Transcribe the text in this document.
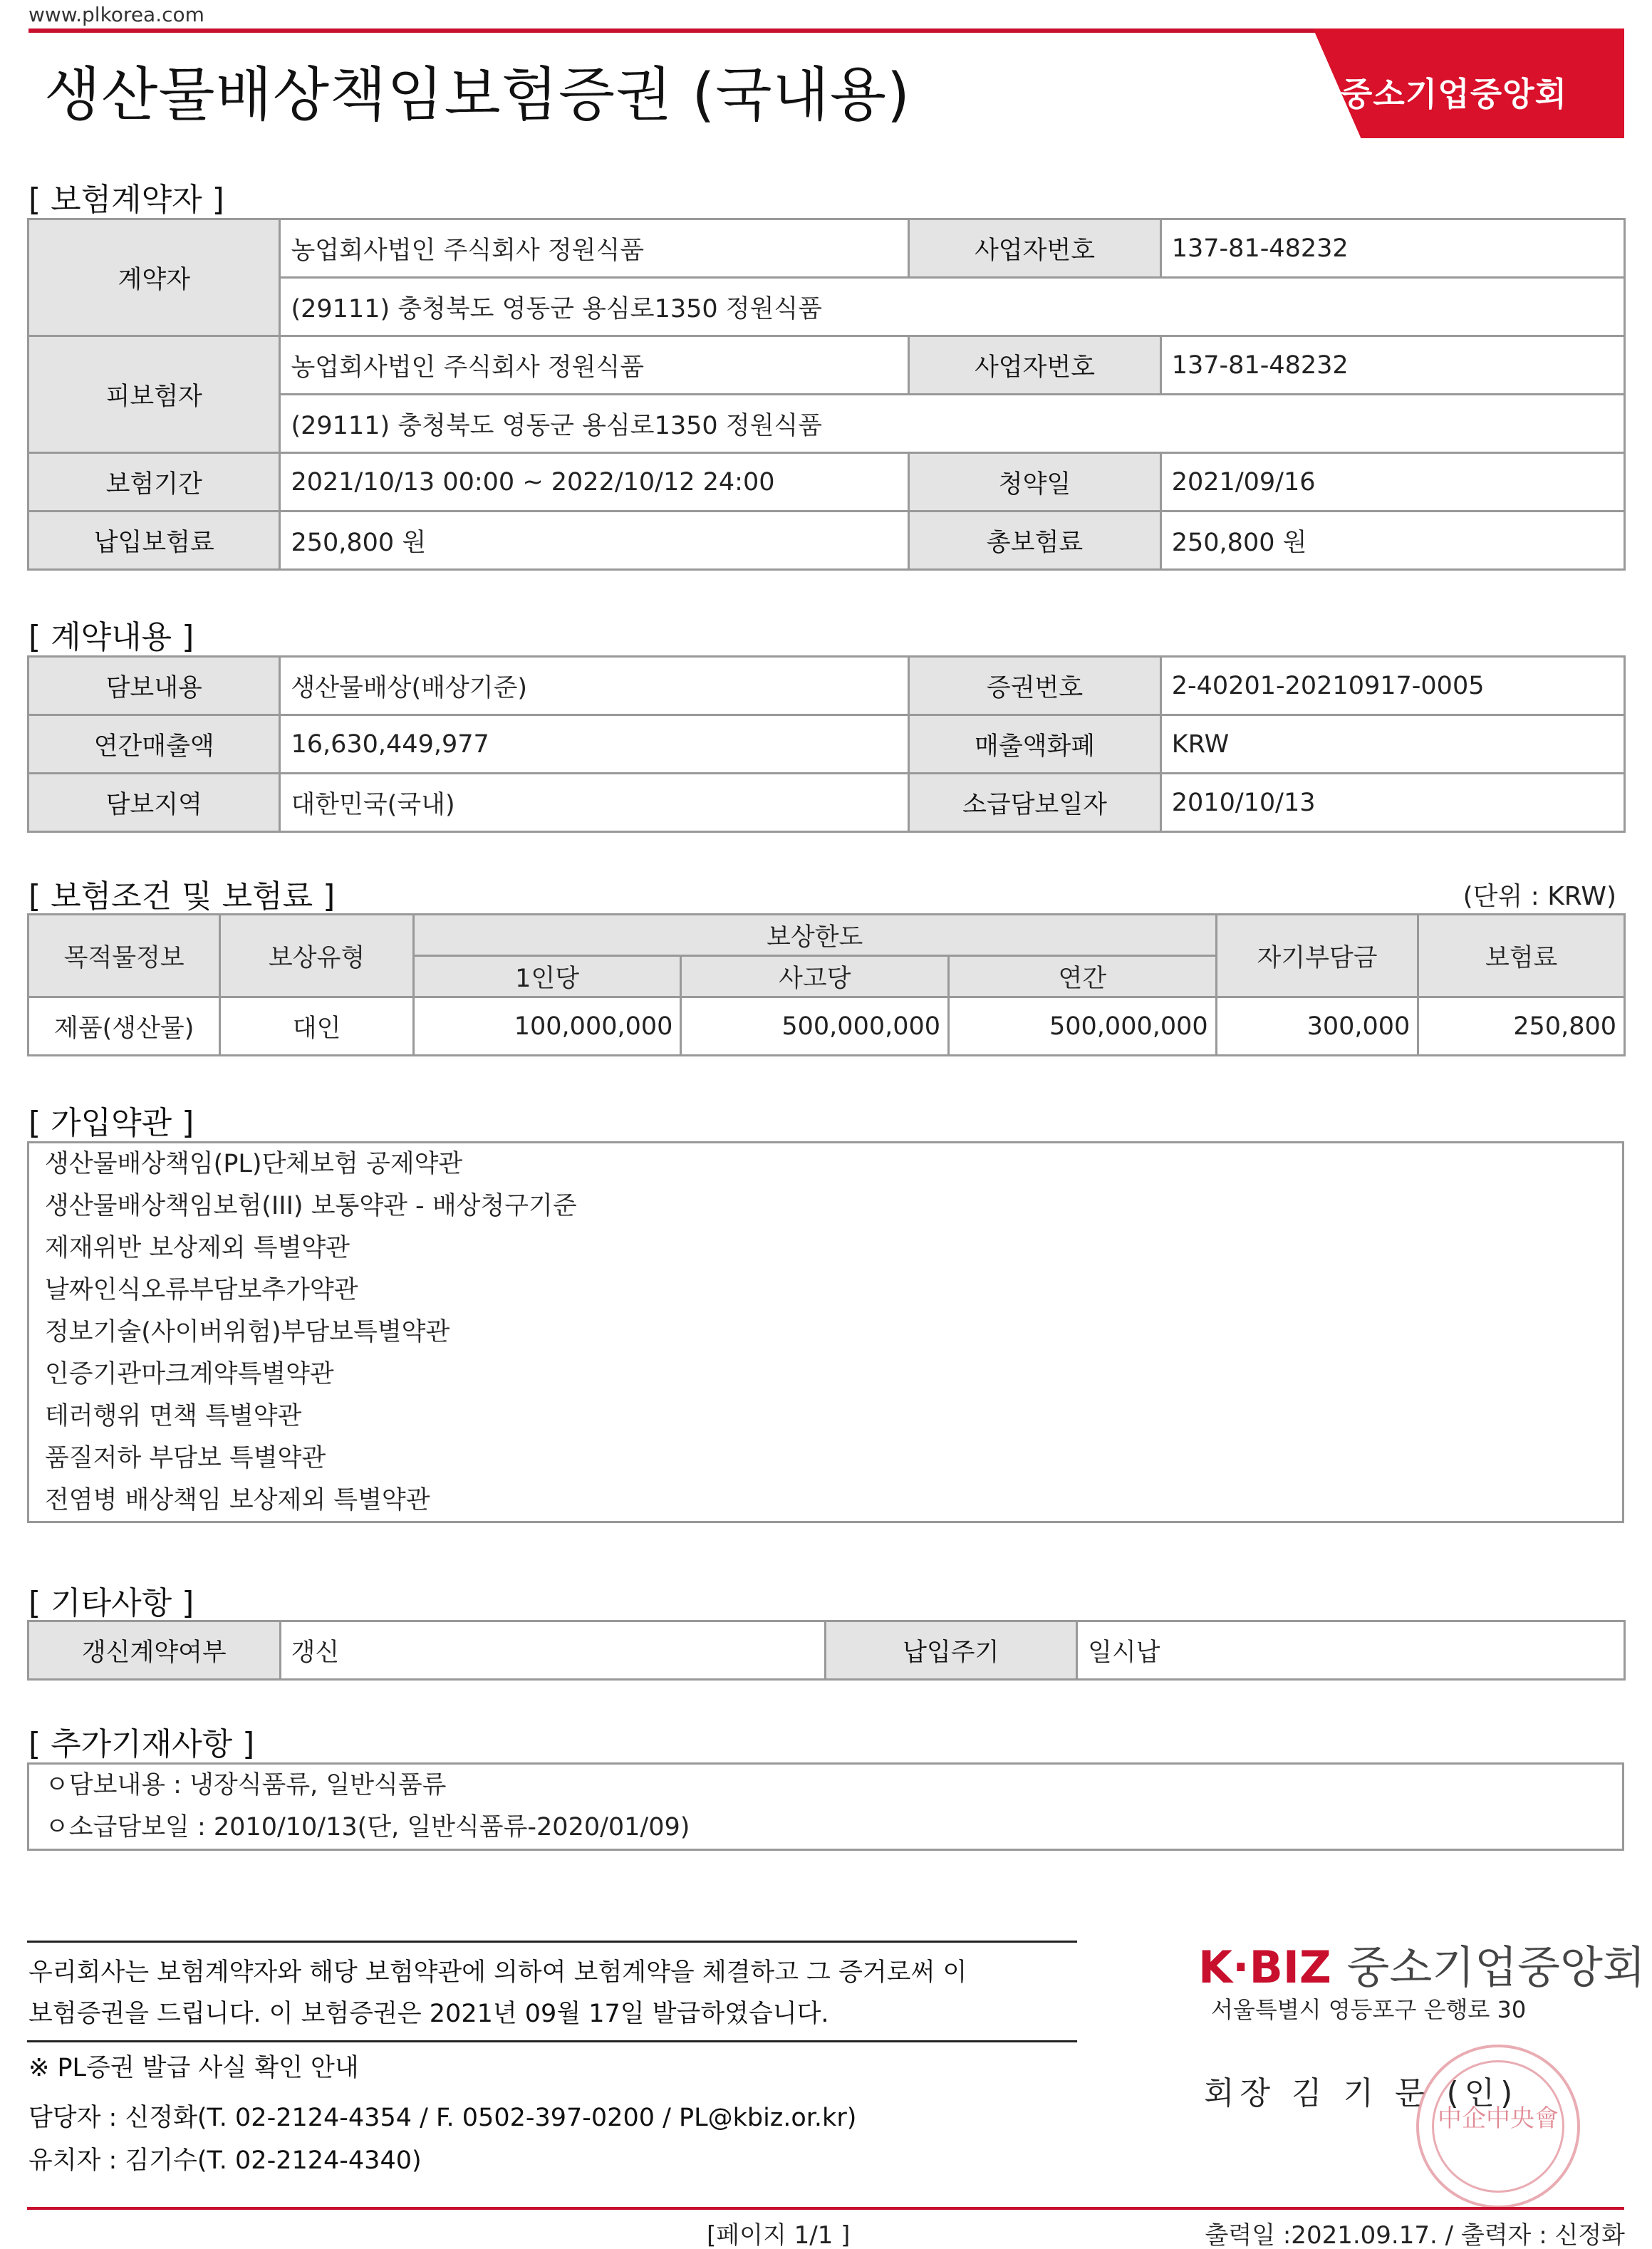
www.plkorea.com
생산물배상책임보험증권 (국내용)	K·BIZ 중소기업중앙회
[ 보험계약자 ]
계약자	농업회사법인 주식회사 정원식품	사업자번호	137-81-48232
	(29111) 충청북도 영동군 용심로1350 정원식품		
피보험자	농업회사법인 주식회사 정원식품	사업자번호	137-81-48232
	(29111) 충청북도 영동군 용심로1350 정원식품		
보험기간	2021/10/13 00:00 ~ 2022/10/12 24:00	청약일	2021/09/16
납입보험료	250,800 원	총보험료	250,800 원
[ 계약내용 ]
담보내용	생산물배상(배상기준)	증권번호	2-40201-20210917-0005
연간매출액	16,630,449,977	매출액화폐	KRW
담보지역	대한민국(국내)	소급담보일자	2010/10/13
[ 보험조건 및 보험료 ]	(단위 : KRW)
목적물정보	보상유형	보상한도			자기부담금	보험료
		1인당	사고당	연간		
제품(생산물)	대인	100,000,000	500,000,000	500,000,000	300,000	250,800
[ 가입약관 ]
생산물배상책임(PL)단체보험 공제약관
생산물배상책임보험(III) 보통약관 - 배상청구기준
제재위반 보상제외 특별약관
날짜인식오류부담보추가약관
정보기술(사이버위험)부담보특별약관
인증기관마크계약특별약관
테러행위 면책 특별약관
품질저하 부담보 특별약관
전염병 배상책임 보상제외 특별약관
[ 기타사항 ]
갱신계약여부	갱신	납입주기	일시납
[ 추가기재사항 ]
ㅇ담보내용 : 냉장식품류, 일반식품류
ㅇ소급담보일 : 2010/10/13(단, 일반식품류-2020/01/09)
우리회사는 보험계약자와 해당 보험약관에 의하여 보험계약을 체결하고 그 증거로써 이
보험증권을 드립니다. 이 보험증권은 2021년 09월 17일 발급하였습니다.
※ PL증권 발급 사실 확인 안내
담당자 : 신정화(T. 02-2124-4354 / F. 0502-397-0200 / PL@kbiz.or.kr)
유치자 : 김기수(T. 02-2124-4340)
K·BIZ 중소기업중앙회
서울특별시 영등포구 은행로 30
회장 김 기 문 (인)
中企中央會
[페이지 1/1 ]	출력일 :2021.09.17. / 출력자 : 신정화
